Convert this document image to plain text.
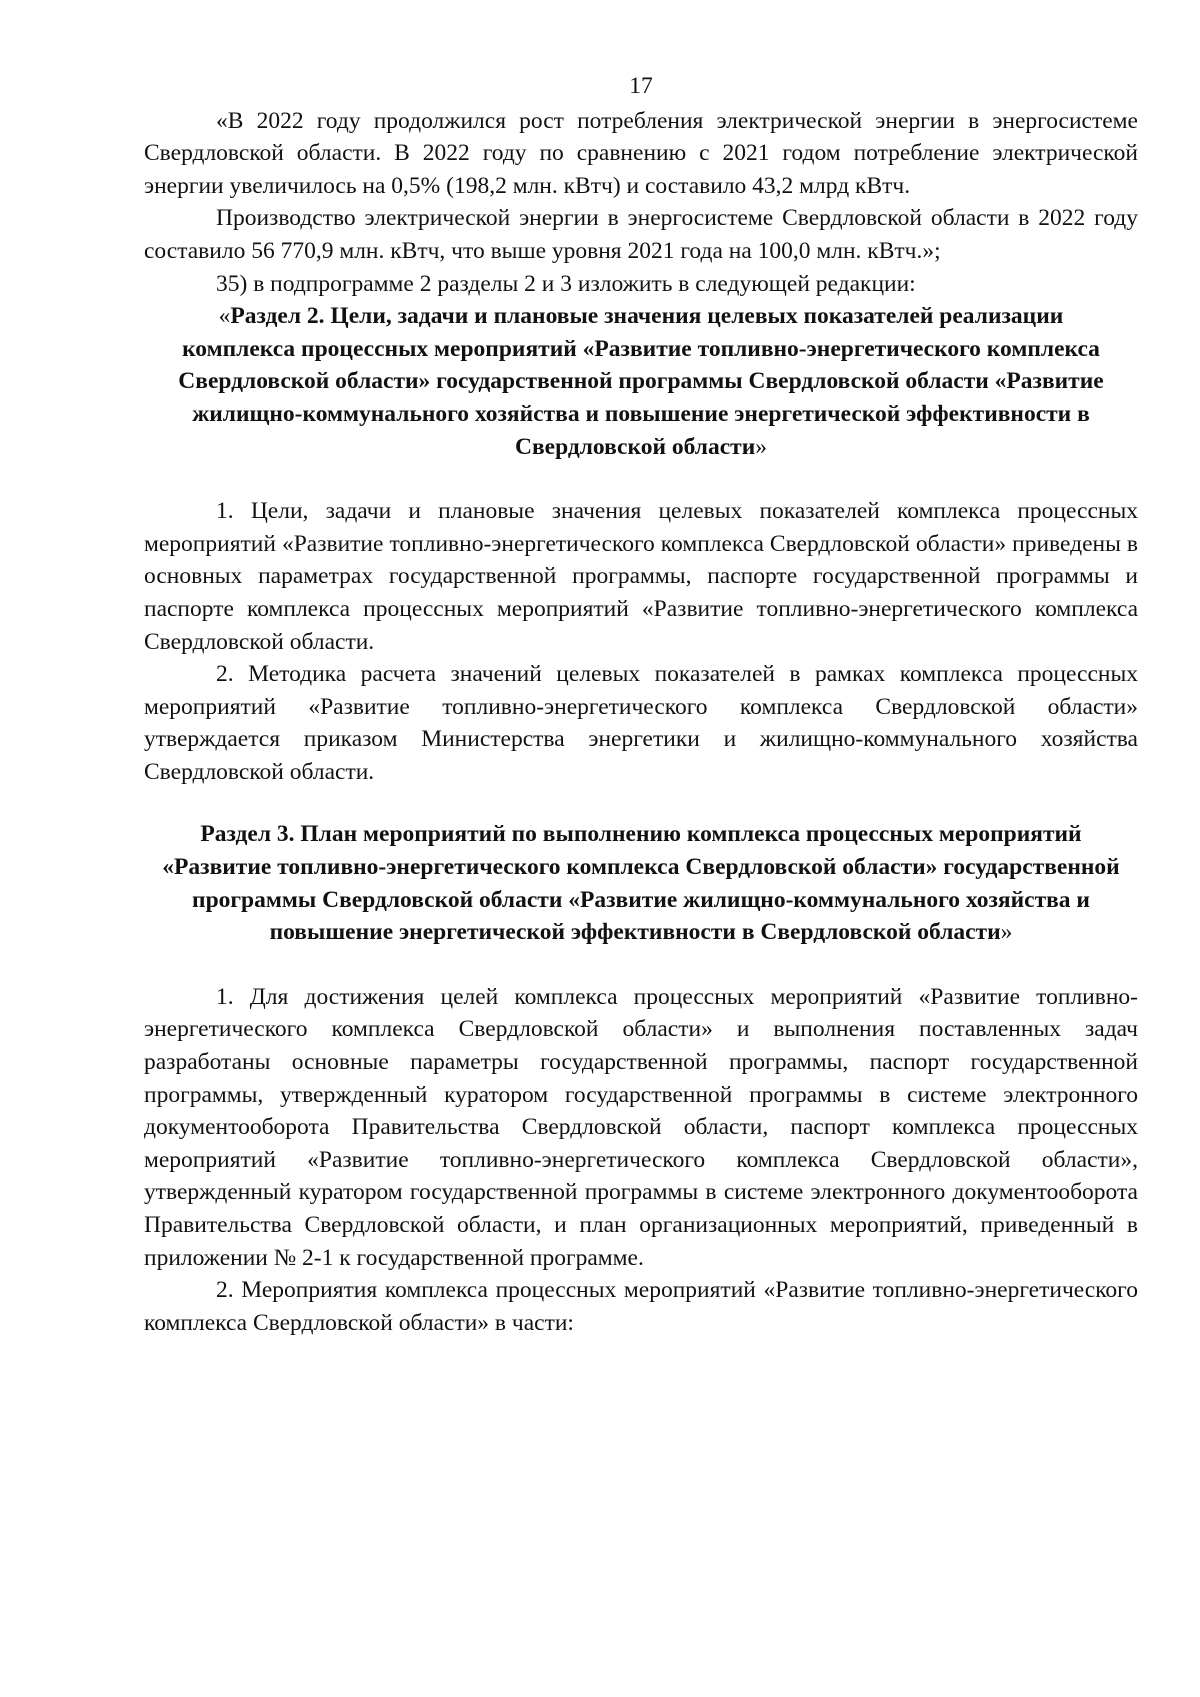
17

«В 2022 году продолжился рост потребления электрической энергии в энергосистеме Свердловской области. В 2022 году по сравнению с 2021 годом потребление электрической энергии увеличилось на 0,5% (198,2 млн. кВтч) и составило 43,2 млрд кВтч.

Производство электрической энергии в энергосистеме Свердловской области в 2022 году составило 56 770,9 млн. кВтч, что выше уровня 2021 года на 100,0 млн. кВтч.»;

35) в подпрограмме 2 разделы 2 и 3 изложить в следующей редакции:

«Раздел 2. Цели, задачи и плановые значения целевых показателей реализации комплекса процессных мероприятий «Развитие топливно-энергетического комплекса Свердловской области» государственной программы Свердловской области «Развитие жилищно-коммунального хозяйства и повышение энергетической эффективности в Свердловской области»

1. Цели, задачи и плановые значения целевых показателей комплекса процессных мероприятий «Развитие топливно-энергетического комплекса Свердловской области» приведены в основных параметрах государственной программы, паспорте государственной программы и паспорте комплекса процессных мероприятий «Развитие топливно-энергетического комплекса Свердловской области.

2. Методика расчета значений целевых показателей в рамках комплекса процессных мероприятий «Развитие топливно-энергетического комплекса Свердловской области» утверждается приказом Министерства энергетики и жилищно-коммунального хозяйства Свердловской области.

Раздел 3. План мероприятий по выполнению комплекса процессных мероприятий «Развитие топливно-энергетического комплекса Свердловской области» государственной программы Свердловской области «Развитие жилищно-коммунального хозяйства и повышение энергетической эффективности в Свердловской области»

1. Для достижения целей комплекса процессных мероприятий «Развитие топливно-энергетического комплекса Свердловской области» и выполнения поставленных задач разработаны основные параметры государственной программы, паспорт государственной программы, утвержденный куратором государственной программы в системе электронного документооборота Правительства Свердловской области, паспорт комплекса процессных мероприятий «Развитие топливно-энергетического комплекса Свердловской области», утвержденный куратором государственной программы в системе электронного документооборота Правительства Свердловской области, и план организационных мероприятий, приведенный в приложении № 2-1 к государственной программе.

2. Мероприятия комплекса процессных мероприятий «Развитие топливно-энергетического комплекса Свердловской области» в части:
